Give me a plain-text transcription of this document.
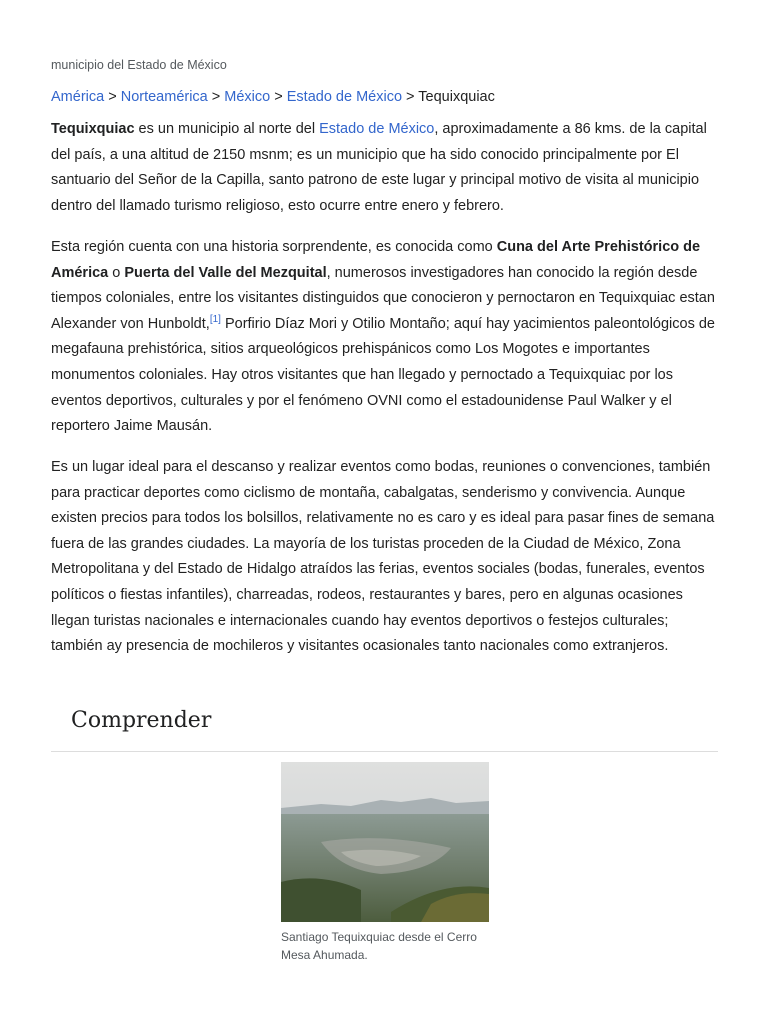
municipio del Estado de México
América > Norteamérica > México > Estado de México > Tequixquiac

Tequixquiac es un municipio al norte del Estado de México, aproximadamente a 86 kms. de la capital del país, a una altitud de 2150 msnm; es un municipio que ha sido conocido principalmente por El santuario del Señor de la Capilla, santo patrono de este lugar y principal motivo de visita al municipio dentro del llamado turismo religioso, esto ocurre entre enero y febrero.

Esta región cuenta con una historia sorprendente, es conocida como Cuna del Arte Prehistórico de América o Puerta del Valle del Mezquital, numerosos investigadores han conocido la región desde tiempos coloniales, entre los visitantes distinguidos que conocieron y pernoctaron en Tequixquiac estan Alexander von Hunboldt,[1] Porfirio Díaz Mori y Otilio Montaño; aquí hay yacimientos paleontológicos de megafauna prehistórica, sitios arqueológicos prehispánicos como Los Mogotes e importantes monumentos coloniales. Hay otros visitantes que han llegado y pernoctado a Tequixquiac por los eventos deportivos, culturales y por el fenómeno OVNI como el estadounidense Paul Walker y el reportero Jaime Mausán.

Es un lugar ideal para el descanso y realizar eventos como bodas, reuniones o convenciones, también para practicar deportes como ciclismo de montaña, cabalgatas, senderismo y convivencia. Aunque existen precios para todos los bolsillos, relativamente no es caro y es ideal para pasar fines de semana fuera de las grandes ciudades. La mayoría de los turistas proceden de la Ciudad de México, Zona Metropolitana y del Estado de Hidalgo atraídos las ferias, eventos sociales (bodas, funerales, eventos políticos o fiestas infantiles), charreadas, rodeos, restaurantes y bares, pero en algunas ocasiones llegan turistas nacionales e internacionales cuando hay eventos deportivos o festejos culturales; también ay presencia de mochileros y visitantes ocasionales tanto nacionales como extranjeros.

Comprender
Santiago Tequixquiac desde el Cerro Mesa Ahumada.
